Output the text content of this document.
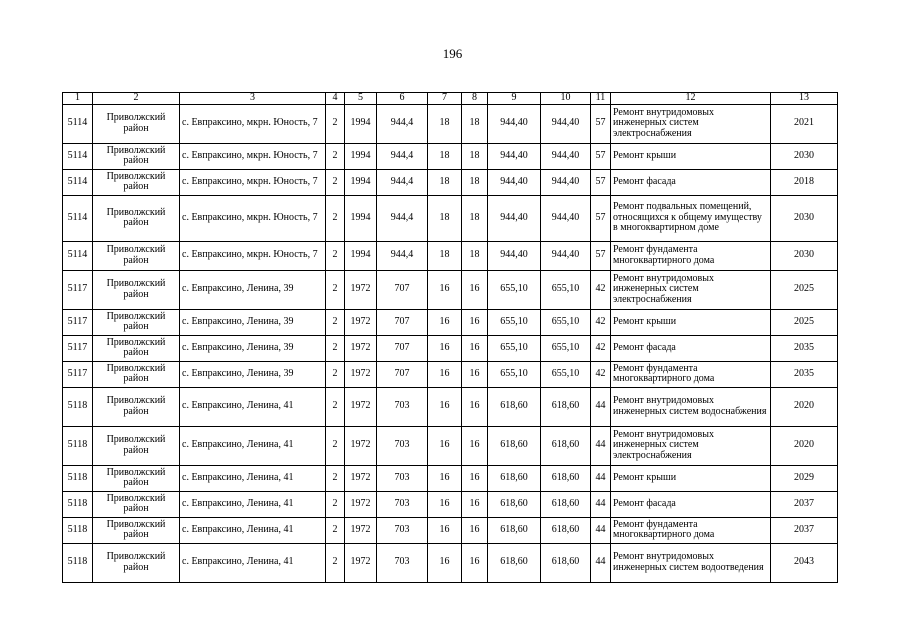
196
1	2	3	4	5	6	7	8	9	10	11	12	13
5114	Приволжский район	с. Евпраксино, мкрн. Юность, 7	2	1994	944,4	18	18	944,40	944,40	57	Ремонт внутридомовых инженерных систем электроснабжения	2021
5114	Приволжский район	с. Евпраксино, мкрн. Юность, 7	2	1994	944,4	18	18	944,40	944,40	57	Ремонт крыши	2030
5114	Приволжский район	с. Евпраксино, мкрн. Юность, 7	2	1994	944,4	18	18	944,40	944,40	57	Ремонт фасада	2018
5114	Приволжский район	с. Евпраксино, мкрн. Юность, 7	2	1994	944,4	18	18	944,40	944,40	57	Ремонт подвальных помещений, относящихся к общему имуществу в многоквартирном доме	2030
5114	Приволжский район	с. Евпраксино, мкрн. Юность, 7	2	1994	944,4	18	18	944,40	944,40	57	Ремонт фундамента многоквартирного дома	2030
5117	Приволжский район	с. Евпраксино, Ленина, 39	2	1972	707	16	16	655,10	655,10	42	Ремонт внутридомовых инженерных систем электроснабжения	2025
5117	Приволжский район	с. Евпраксино, Ленина, 39	2	1972	707	16	16	655,10	655,10	42	Ремонт крыши	2025
5117	Приволжский район	с. Евпраксино, Ленина, 39	2	1972	707	16	16	655,10	655,10	42	Ремонт фасада	2035
5117	Приволжский район	с. Евпраксино, Ленина, 39	2	1972	707	16	16	655,10	655,10	42	Ремонт фундамента многоквартирного дома	2035
5118	Приволжский район	с. Евпраксино, Ленина, 41	2	1972	703	16	16	618,60	618,60	44	Ремонт внутридомовых инженерных систем водоснабжения	2020
5118	Приволжский район	с. Евпраксино, Ленина, 41	2	1972	703	16	16	618,60	618,60	44	Ремонт внутридомовых инженерных систем электроснабжения	2020
5118	Приволжский район	с. Евпраксино, Ленина, 41	2	1972	703	16	16	618,60	618,60	44	Ремонт крыши	2029
5118	Приволжский район	с. Евпраксино, Ленина, 41	2	1972	703	16	16	618,60	618,60	44	Ремонт фасада	2037
5118	Приволжский район	с. Евпраксино, Ленина, 41	2	1972	703	16	16	618,60	618,60	44	Ремонт фундамента многоквартирного дома	2037
5118	Приволжский район	с. Евпраксино, Ленина, 41	2	1972	703	16	16	618,60	618,60	44	Ремонт внутридомовых инженерных систем водоотведения	2043
